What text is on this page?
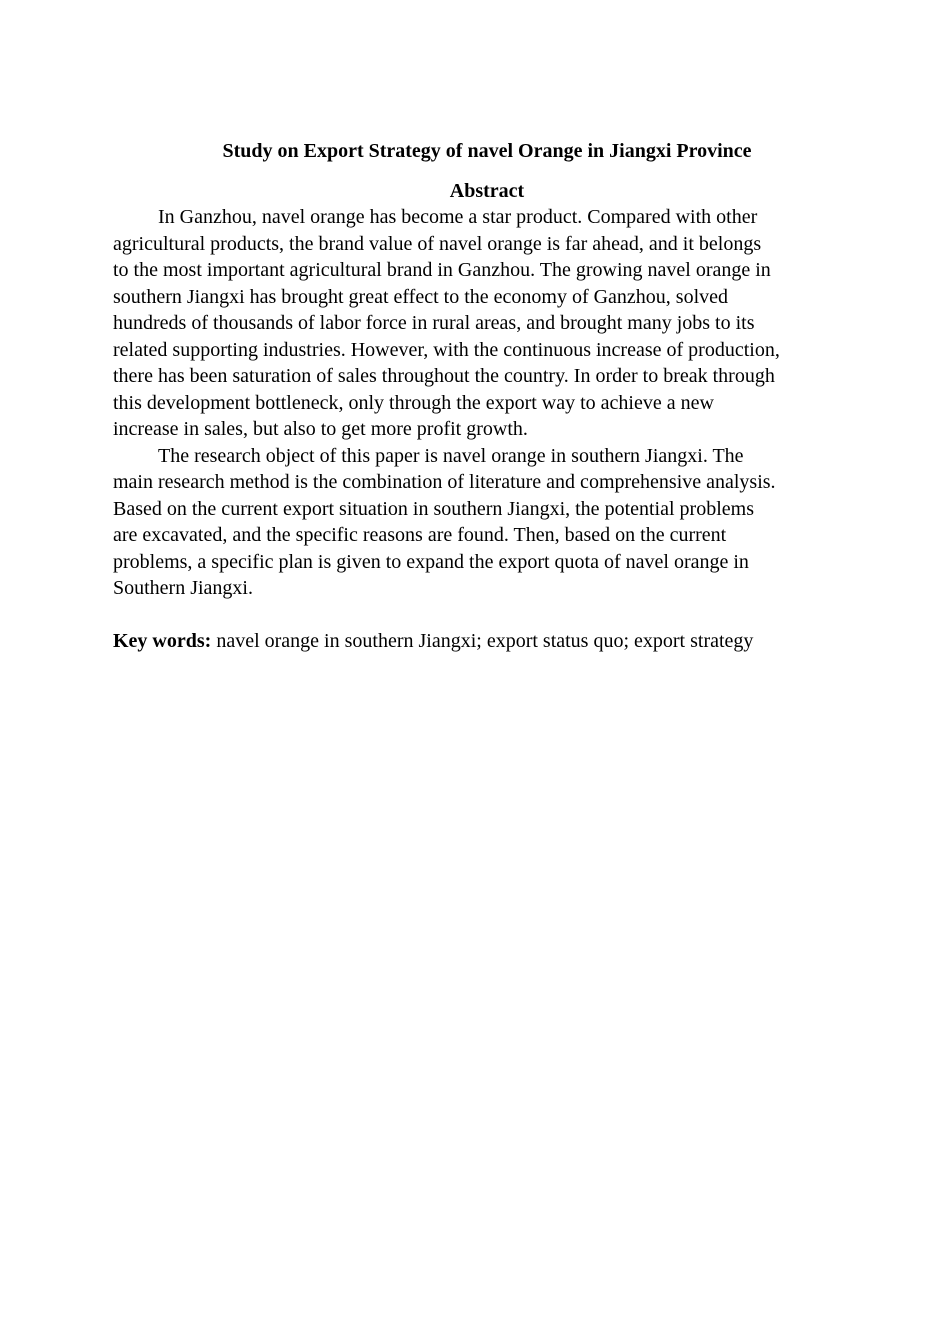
Study on Export Strategy of navel Orange in Jiangxi Province

Abstract

In Ganzhou, navel orange has become a star product. Compared with other
agricultural products, the brand value of navel orange is far ahead, and it belongs
to the most important agricultural brand in Ganzhou. The growing navel orange in
southern Jiangxi has brought great effect to the economy of Ganzhou, solved
hundreds of thousands of labor force in rural areas, and brought many jobs to its
related supporting industries. However, with the continuous increase of production,
there has been saturation of sales throughout the country. In order to break through
this development bottleneck, only through the export way to achieve a new
increase in sales, but also to get more profit growth.
The research object of this paper is navel orange in southern Jiangxi. The
main research method is the combination of literature and comprehensive analysis.
Based on the current export situation in southern Jiangxi, the potential problems
are excavated, and the specific reasons are found. Then, based on the current
problems, a specific plan is given to expand the export quota of navel orange in
Southern Jiangxi.

Key words: navel orange in southern Jiangxi; export status quo; export strategy
